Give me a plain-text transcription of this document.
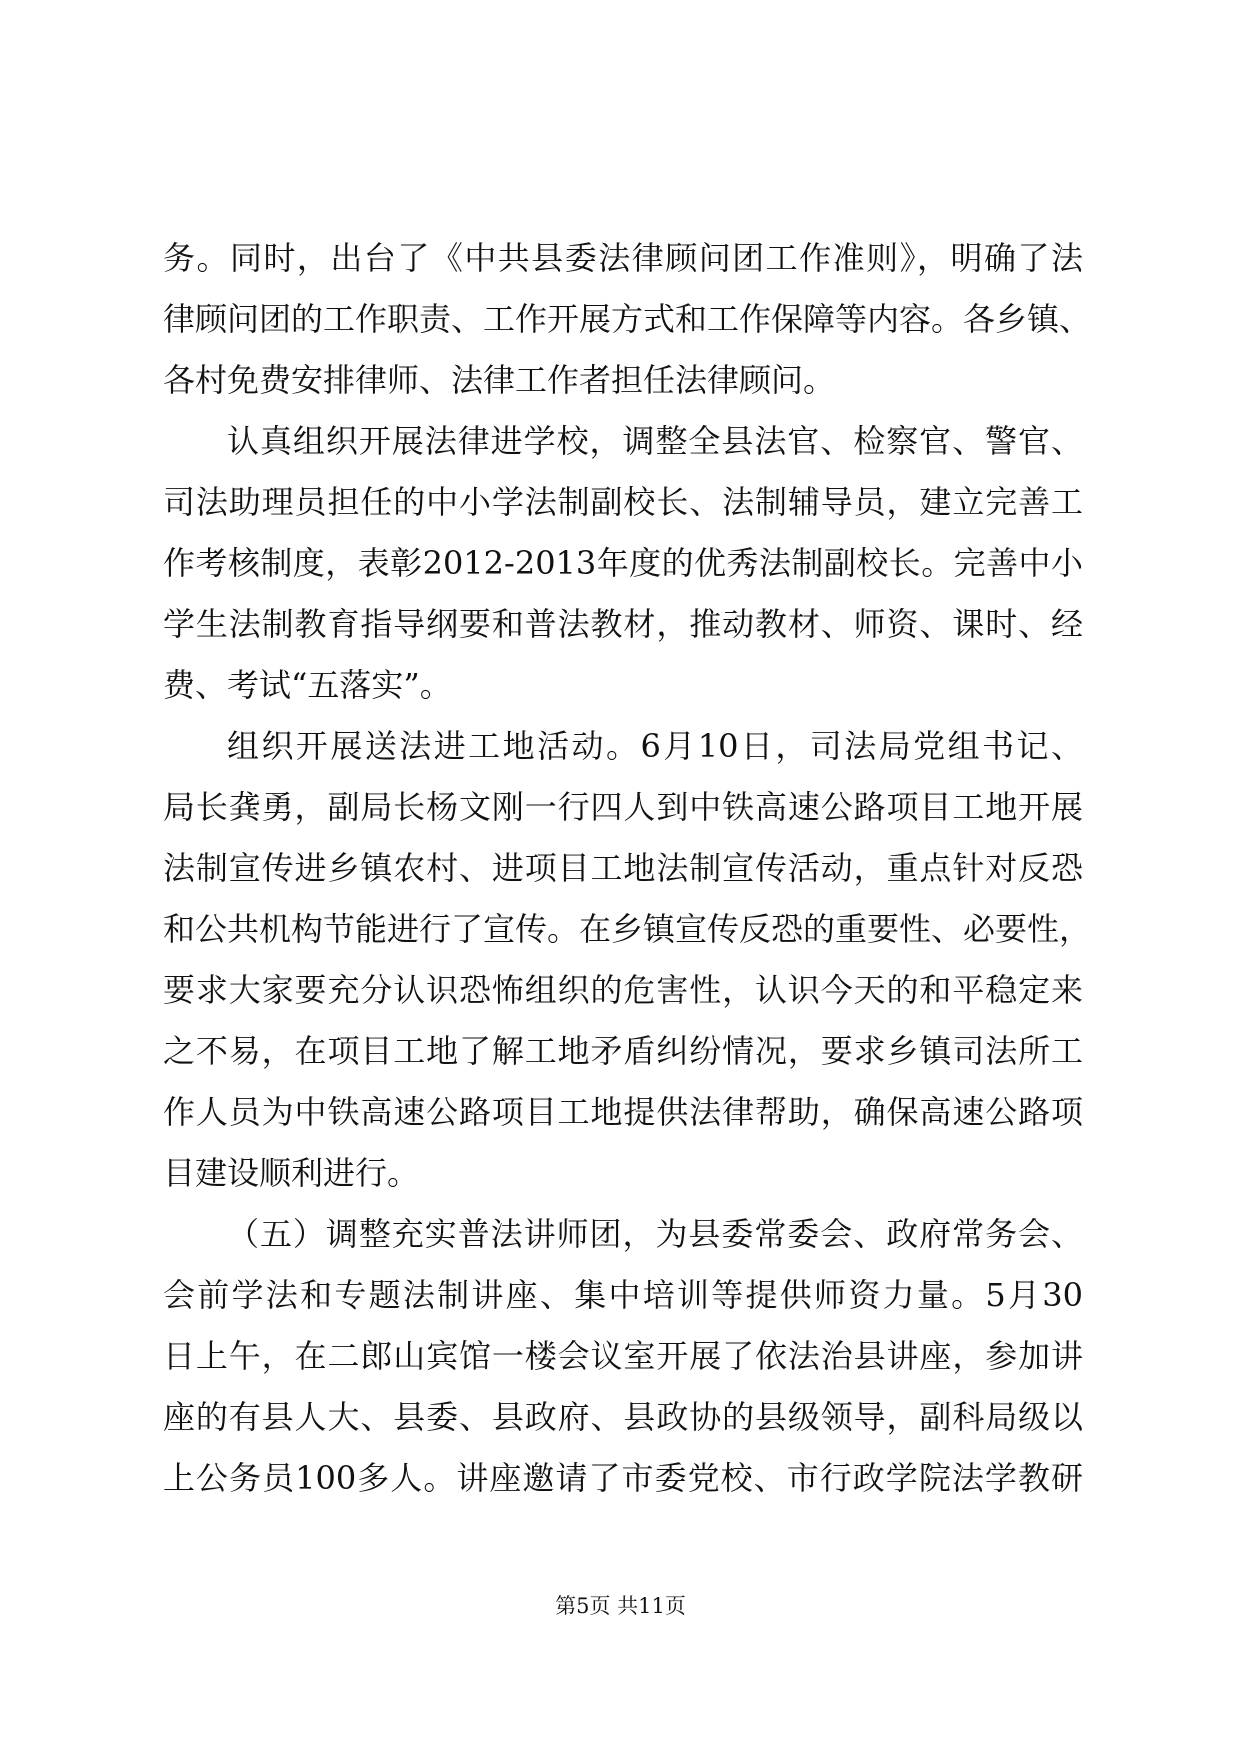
务。同时，出台了《中共县委法律顾问团工作准则》，明确了法
律顾问团的工作职责、工作开展方式和工作保障等内容。各乡镇、
各村免费安排律师、法律工作者担任法律顾问。
认真组织开展法律进学校，调整全县法官、检察官、警官、
司法助理员担任的中小学法制副校长、法制辅导员，建立完善工
作考核制度，表彰2012-2013年度的优秀法制副校长。完善中小
学生法制教育指导纲要和普法教材，推动教材、师资、课时、经
费、考试“五落实”。
组织开展送法进工地活动。6月10日，司法局党组书记、
局长龚勇，副局长杨文刚一行四人到中铁高速公路项目工地开展
法制宣传进乡镇农村、进项目工地法制宣传活动，重点针对反恐
和公共机构节能进行了宣传。在乡镇宣传反恐的重要性、必要性，
要求大家要充分认识恐怖组织的危害性，认识今天的和平稳定来
之不易，在项目工地了解工地矛盾纠纷情况，要求乡镇司法所工
作人员为中铁高速公路项目工地提供法律帮助，确保高速公路项
目建设顺利进行。
（五）调整充实普法讲师团，为县委常委会、政府常务会、
会前学法和专题法制讲座、集中培训等提供师资力量。5月30
日上午，在二郎山宾馆一楼会议室开展了依法治县讲座，参加讲
座的有县人大、县委、县政府、县政协的县级领导，副科局级以
上公务员100多人。讲座邀请了市委党校、市行政学院法学教研
第5页 共11页
